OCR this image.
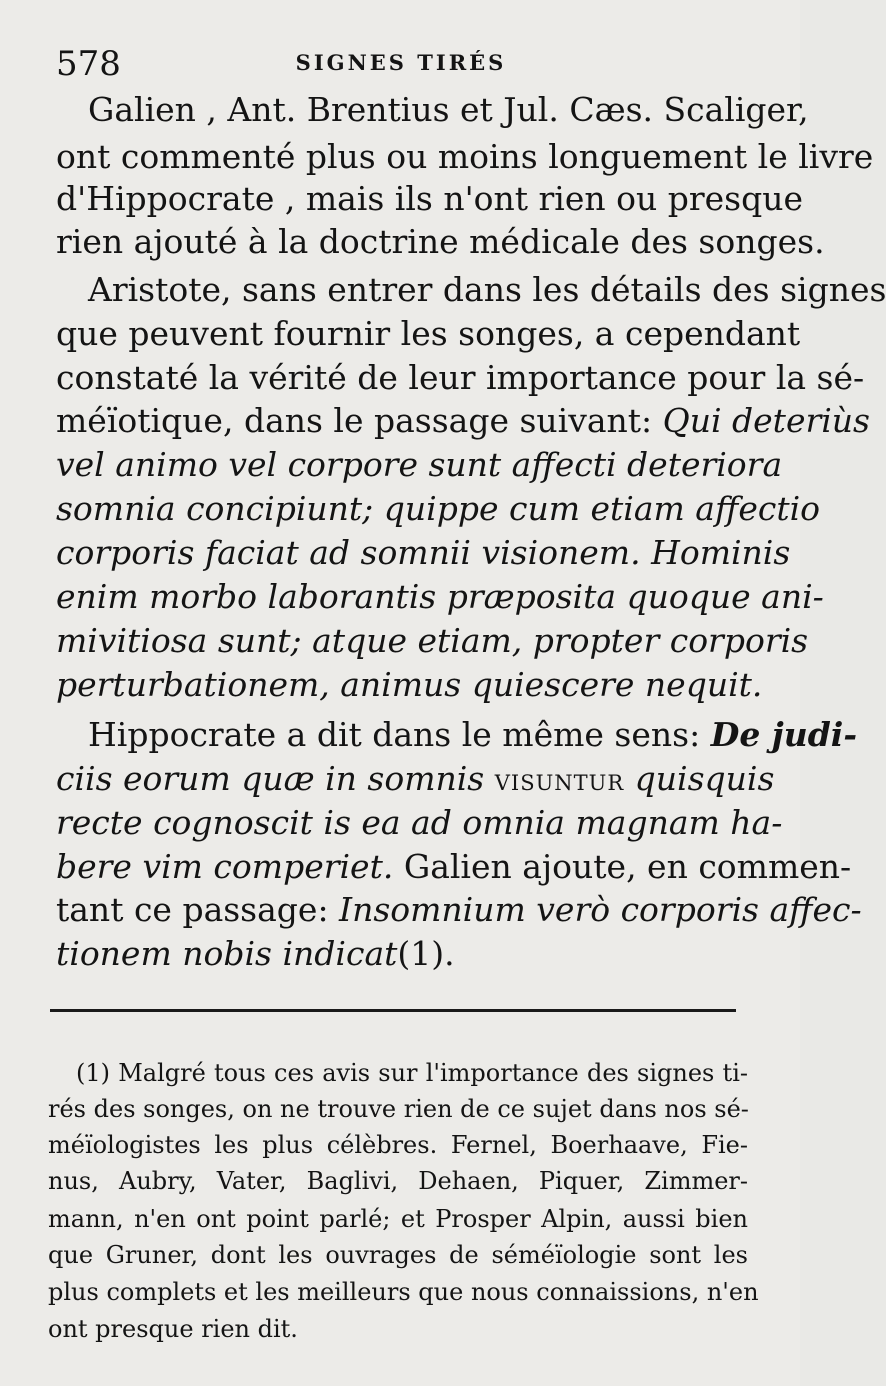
578	SIGNES TIRÉS
Galien , Ant. Brentius et Jul. Cæs. Scaliger,
ont commenté plus ou moins longuement le livre
d'Hippocrate , mais ils n'ont rien ou presque
rien ajouté à la doctrine médicale des songes.
Aristote, sans entrer dans les détails des signes
que peuvent fournir les songes, a cependant
constaté la vérité de leur importance pour la sé-
méïotique, dans le passage suivant: Qui deteriùs
vel animo vel corpore sunt affecti deteriora
somnia concipiunt; quippe cum etiam affectio
corporis faciat ad somnii visionem. Hominis
enim morbo laborantis præposita quoque ani-
mivitiosa sunt; atque etiam, propter corporis
perturbationem, animus quiescere nequit.
Hippocrate a dit dans le même sens: De judi-
ciis eorum quæ in somnis visuntur quisquis
recte cognoscit is ea ad omnia magnam ha-
bere vim comperiet. Galien ajoute, en commen-
tant ce passage: Insomnium verò corporis affec-
tionem nobis indicat(1).
(1) Malgré tous ces avis sur l'importance des signes ti-
rés des songes, on ne trouve rien de ce sujet dans nos sé-
méïologistes les plus célèbres. Fernel, Boerhaave, Fie-
nus, Aubry, Vater, Baglivi, Dehaen, Piquer, Zimmer-
mann, n'en ont point parlé; et Prosper Alpin, aussi bien
que Gruner, dont les ouvrages de séméïologie sont les
plus complets et les meilleurs que nous connaissions, n'en
ont presque rien dit.
